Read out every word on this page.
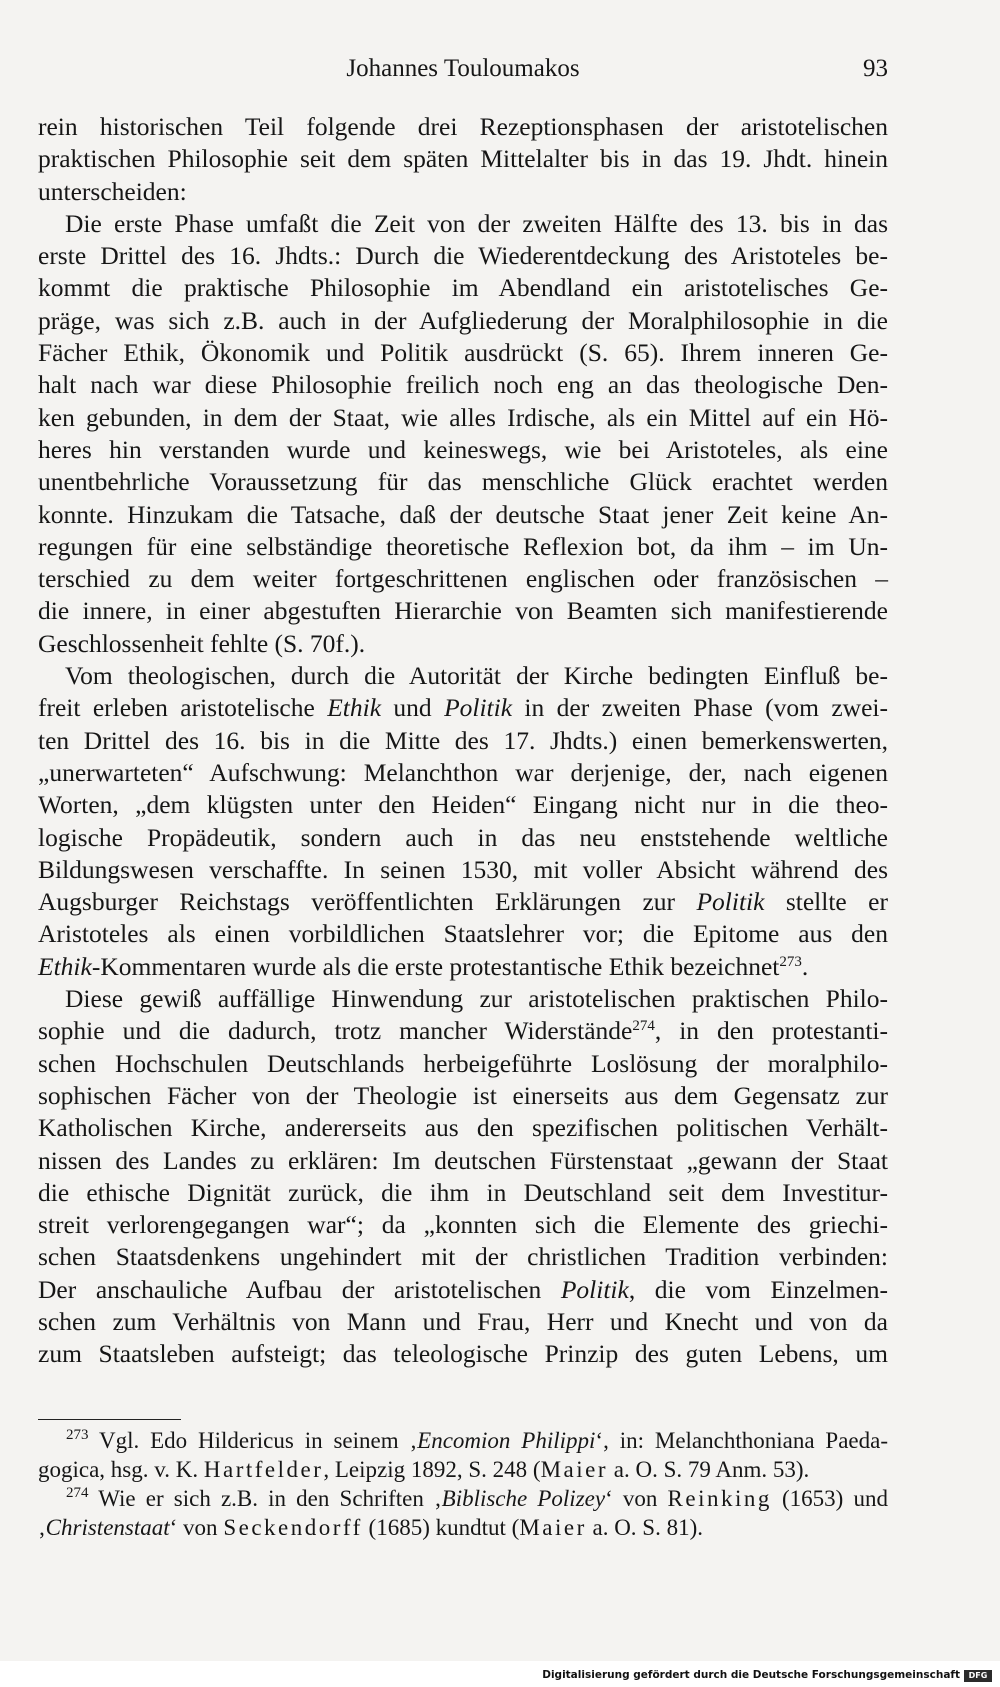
Johannes Touloumakos	93

rein historischen Teil folgende drei Rezeptionsphasen der aristotelischen
praktischen Philosophie seit dem späten Mittelalter bis in das 19. Jhdt. hinein
unterscheiden:

Die erste Phase umfaßt die Zeit von der zweiten Hälfte des 13. bis in das
erste Drittel des 16. Jhdts.: Durch die Wiederentdeckung des Aristoteles be-
kommt die praktische Philosophie im Abendland ein aristotelisches Ge-
präge, was sich z.B. auch in der Aufgliederung der Moralphilosophie in die
Fächer Ethik, Ökonomik und Politik ausdrückt (S. 65). Ihrem inneren Ge-
halt nach war diese Philosophie freilich noch eng an das theologische Den-
ken gebunden, in dem der Staat, wie alles Irdische, als ein Mittel auf ein Hö-
heres hin verstanden wurde und keineswegs, wie bei Aristoteles, als eine
unentbehrliche Voraussetzung für das menschliche Glück erachtet werden
konnte. Hinzukam die Tatsache, daß der deutsche Staat jener Zeit keine An-
regungen für eine selbständige theoretische Reflexion bot, da ihm – im Un-
terschied zu dem weiter fortgeschrittenen englischen oder französischen –
die innere, in einer abgestuften Hierarchie von Beamten sich manifestierende
Geschlossenheit fehlte (S. 70f.).

Vom theologischen, durch die Autorität der Kirche bedingten Einfluß be-
freit erleben aristotelische Ethik und Politik in der zweiten Phase (vom zwei-
ten Drittel des 16. bis in die Mitte des 17. Jhdts.) einen bemerkenswerten,
„unerwarteten“ Aufschwung: Melanchthon war derjenige, der, nach eigenen
Worten, „dem klügsten unter den Heiden“ Eingang nicht nur in die theo-
logische Propädeutik, sondern auch in das neu enststehende weltliche
Bildungswesen verschaffte. In seinen 1530, mit voller Absicht während des
Augsburger Reichstags veröffentlichten Erklärungen zur Politik stellte er
Aristoteles als einen vorbildlichen Staatslehrer vor; die Epitome aus den
Ethik-Kommentaren wurde als die erste protestantische Ethik bezeichnet$^{273}$.

Diese gewiß auffällige Hinwendung zur aristotelischen praktischen Philo-
sophie und die dadurch, trotz mancher Widerstände$^{274}$, in den protestanti-
schen Hochschulen Deutschlands herbeigeführte Loslösung der moralphilo-
sophischen Fächer von der Theologie ist einerseits aus dem Gegensatz zur
Katholischen Kirche, andererseits aus den spezifischen politischen Verhält-
nissen des Landes zu erklären: Im deutschen Fürstenstaat „gewann der Staat
die ethische Dignität zurück, die ihm in Deutschland seit dem Investitur-
streit verlorengegangen war“; da „konnten sich die Elemente des griechi-
schen Staatsdenkens ungehindert mit der christlichen Tradition verbinden:
Der anschauliche Aufbau der aristotelischen Politik, die vom Einzelmen-
schen zum Verhältnis von Mann und Frau, Herr und Knecht und von da
zum Staatsleben aufsteigt; das teleologische Prinzip des guten Lebens, um

$^{273}$ Vgl. Edo Hildericus in seinem ‚Encomion Philippi‘, in: Melanchthoniana Paeda-
gogica, hsg. v. K. Hartfelder, Leipzig 1892, S. 248 (Maier a. O. S. 79 Anm. 53).
$^{274}$ Wie er sich z.B. in den Schriften ‚Biblische Polizey‘ von Reinking (1653) und
‚Christenstaat‘ von Seckendorff (1685) kundtut (Maier a. O. S. 81).
Digitalisierung gefördert durch die Deutsche Forschungsgemeinschaft	DFG
